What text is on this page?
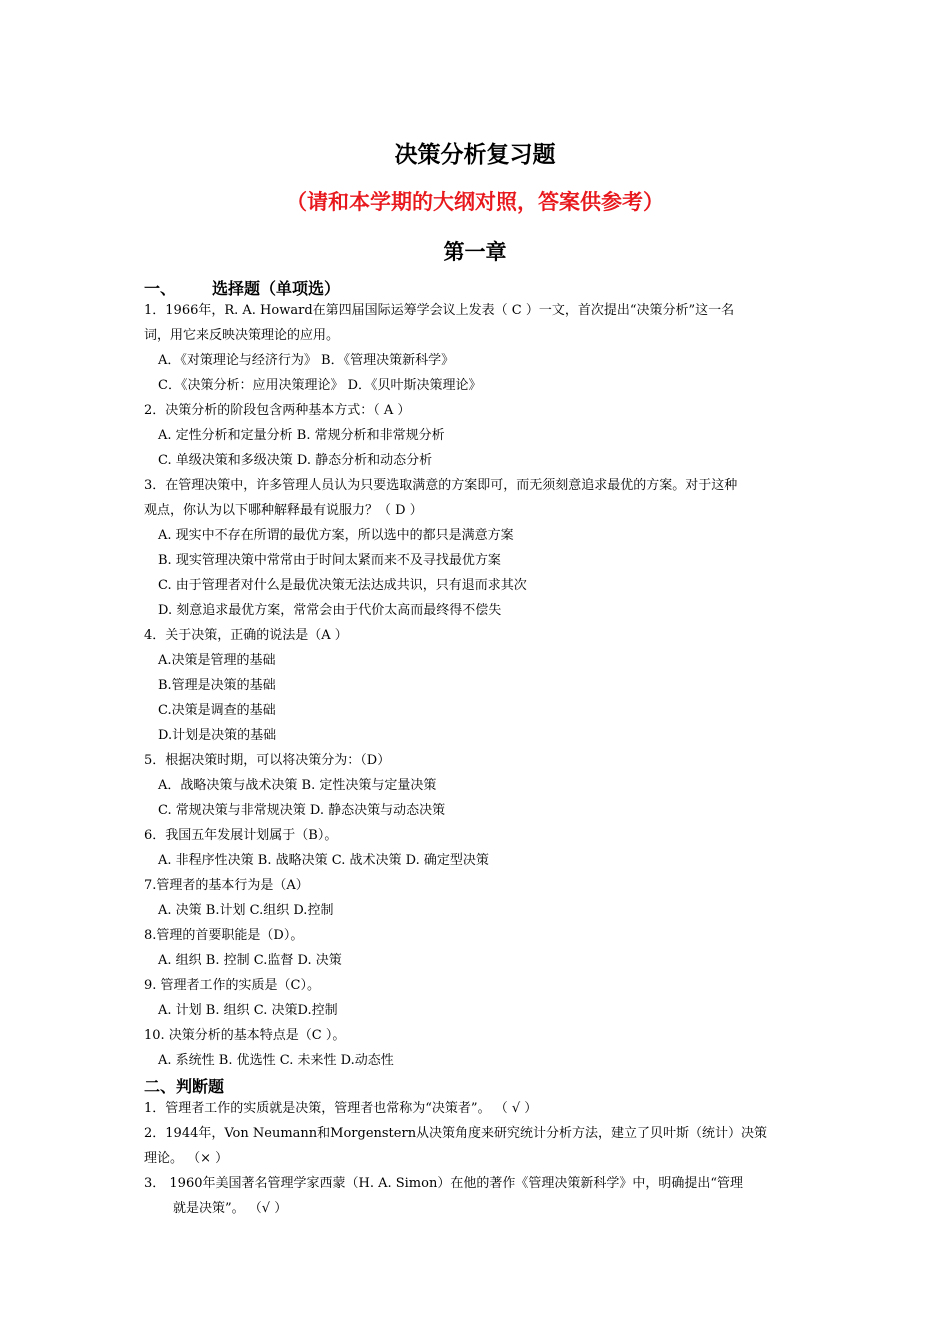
决策分析复习题
（请和本学期的大纲对照，答案供参考）
第一章
一、 选择题（单项选）
1．1966年，R. A. Howard在第四届国际运筹学会议上发表（ C ）一文，首次提出“决策分析”这一名
词，用它来反映决策理论的应用。
A．《对策理论与经济行为》 B．《管理决策新科学》
C．《决策分析：应用决策理论》 D．《贝叶斯决策理论》
2．决策分析的阶段包含两种基本方式：（ A ）
A. 定性分析和定量分析 B. 常规分析和非常规分析
C. 单级决策和多级决策 D. 静态分析和动态分析
3．在管理决策中，许多管理人员认为只要选取满意的方案即可，而无须刻意追求最优的方案。对于这种
观点，你认为以下哪种解释最有说服力？（ D ）
A. 现实中不存在所谓的最优方案，所以选中的都只是满意方案
B. 现实管理决策中常常由于时间太紧而来不及寻找最优方案
C. 由于管理者对什么是最优决策无法达成共识，只有退而求其次
D. 刻意追求最优方案，常常会由于代价太高而最终得不偿失
4．关于决策，正确的说法是（A ）
A.决策是管理的基础
B.管理是决策的基础
C.决策是调查的基础
D.计划是决策的基础
5．根据决策时期，可以将决策分为：（D）
A．战略决策与战术决策 B. 定性决策与定量决策
C. 常规决策与非常规决策 D. 静态决策与动态决策
6．我国五年发展计划属于（B）。
A. 非程序性决策 B. 战略决策 C. 战术决策 D. 确定型决策
7.管理者的基本行为是（A）
A. 决策 B.计划 C.组织 D.控制
8.管理的首要职能是（D）。
A. 组织 B. 控制 C.监督 D. 决策
9. 管理者工作的实质是（C）。
A. 计划 B. 组织 C. 决策D.控制
10. 决策分析的基本特点是（C ）。
A. 系统性 B. 优选性 C. 未来性 D.动态性
二、判断题
1．管理者工作的实质就是决策，管理者也常称为“决策者”。 （ √ ）
2．1944年，Von Neumann和Morgenstern从决策角度来研究统计分析方法，建立了贝叶斯（统计）决策
理论。 （× ）
3． 1960年美国著名管理学家西蒙（H. A. Simon）在他的著作《管理决策新科学》中，明确提出“管理
就是决策”。 （√ ）
